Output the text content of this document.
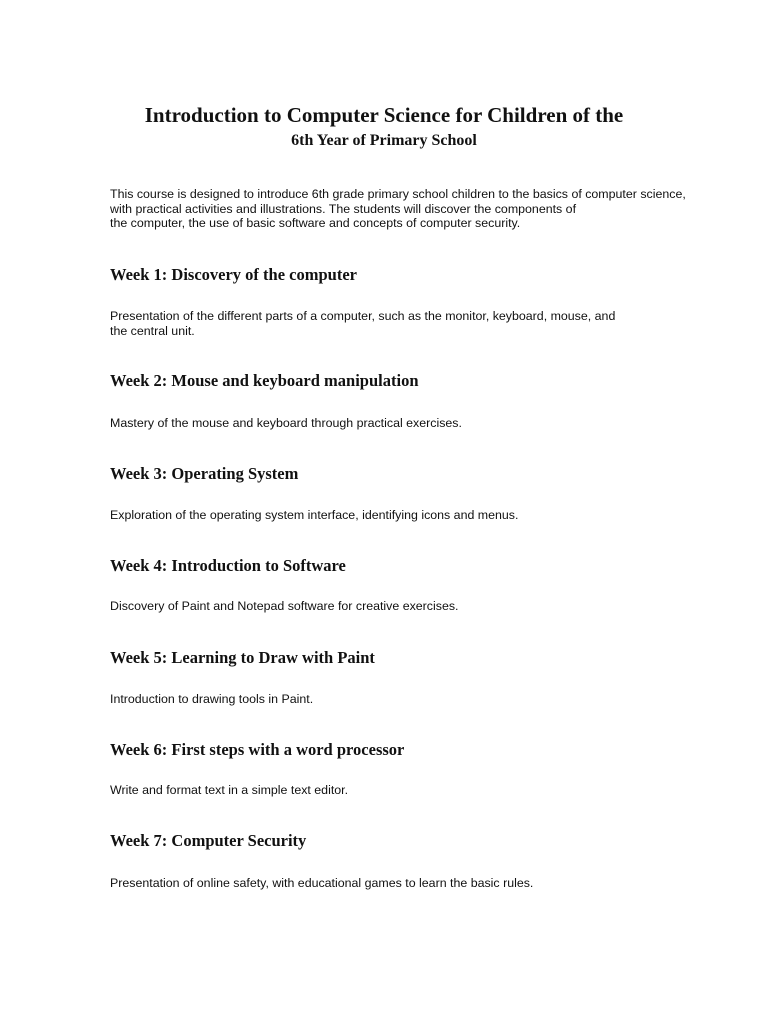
Introduction to Computer Science for Children of the
6th Year of Primary School
This course is designed to introduce 6th grade primary school children to the basics of computer science,
with practical activities and illustrations. The students will discover the components of
the computer, the use of basic software and concepts of computer security.
Week 1: Discovery of the computer
Presentation of the different parts of a computer, such as the monitor, keyboard, mouse, and
the central unit.
Week 2: Mouse and keyboard manipulation
Mastery of the mouse and keyboard through practical exercises.
Week 3: Operating System
Exploration of the operating system interface, identifying icons and menus.
Week 4: Introduction to Software
Discovery of Paint and Notepad software for creative exercises.
Week 5: Learning to Draw with Paint
Introduction to drawing tools in Paint.
Week 6: First steps with a word processor
Write and format text in a simple text editor.
Week 7: Computer Security
Presentation of online safety, with educational games to learn the basic rules.
